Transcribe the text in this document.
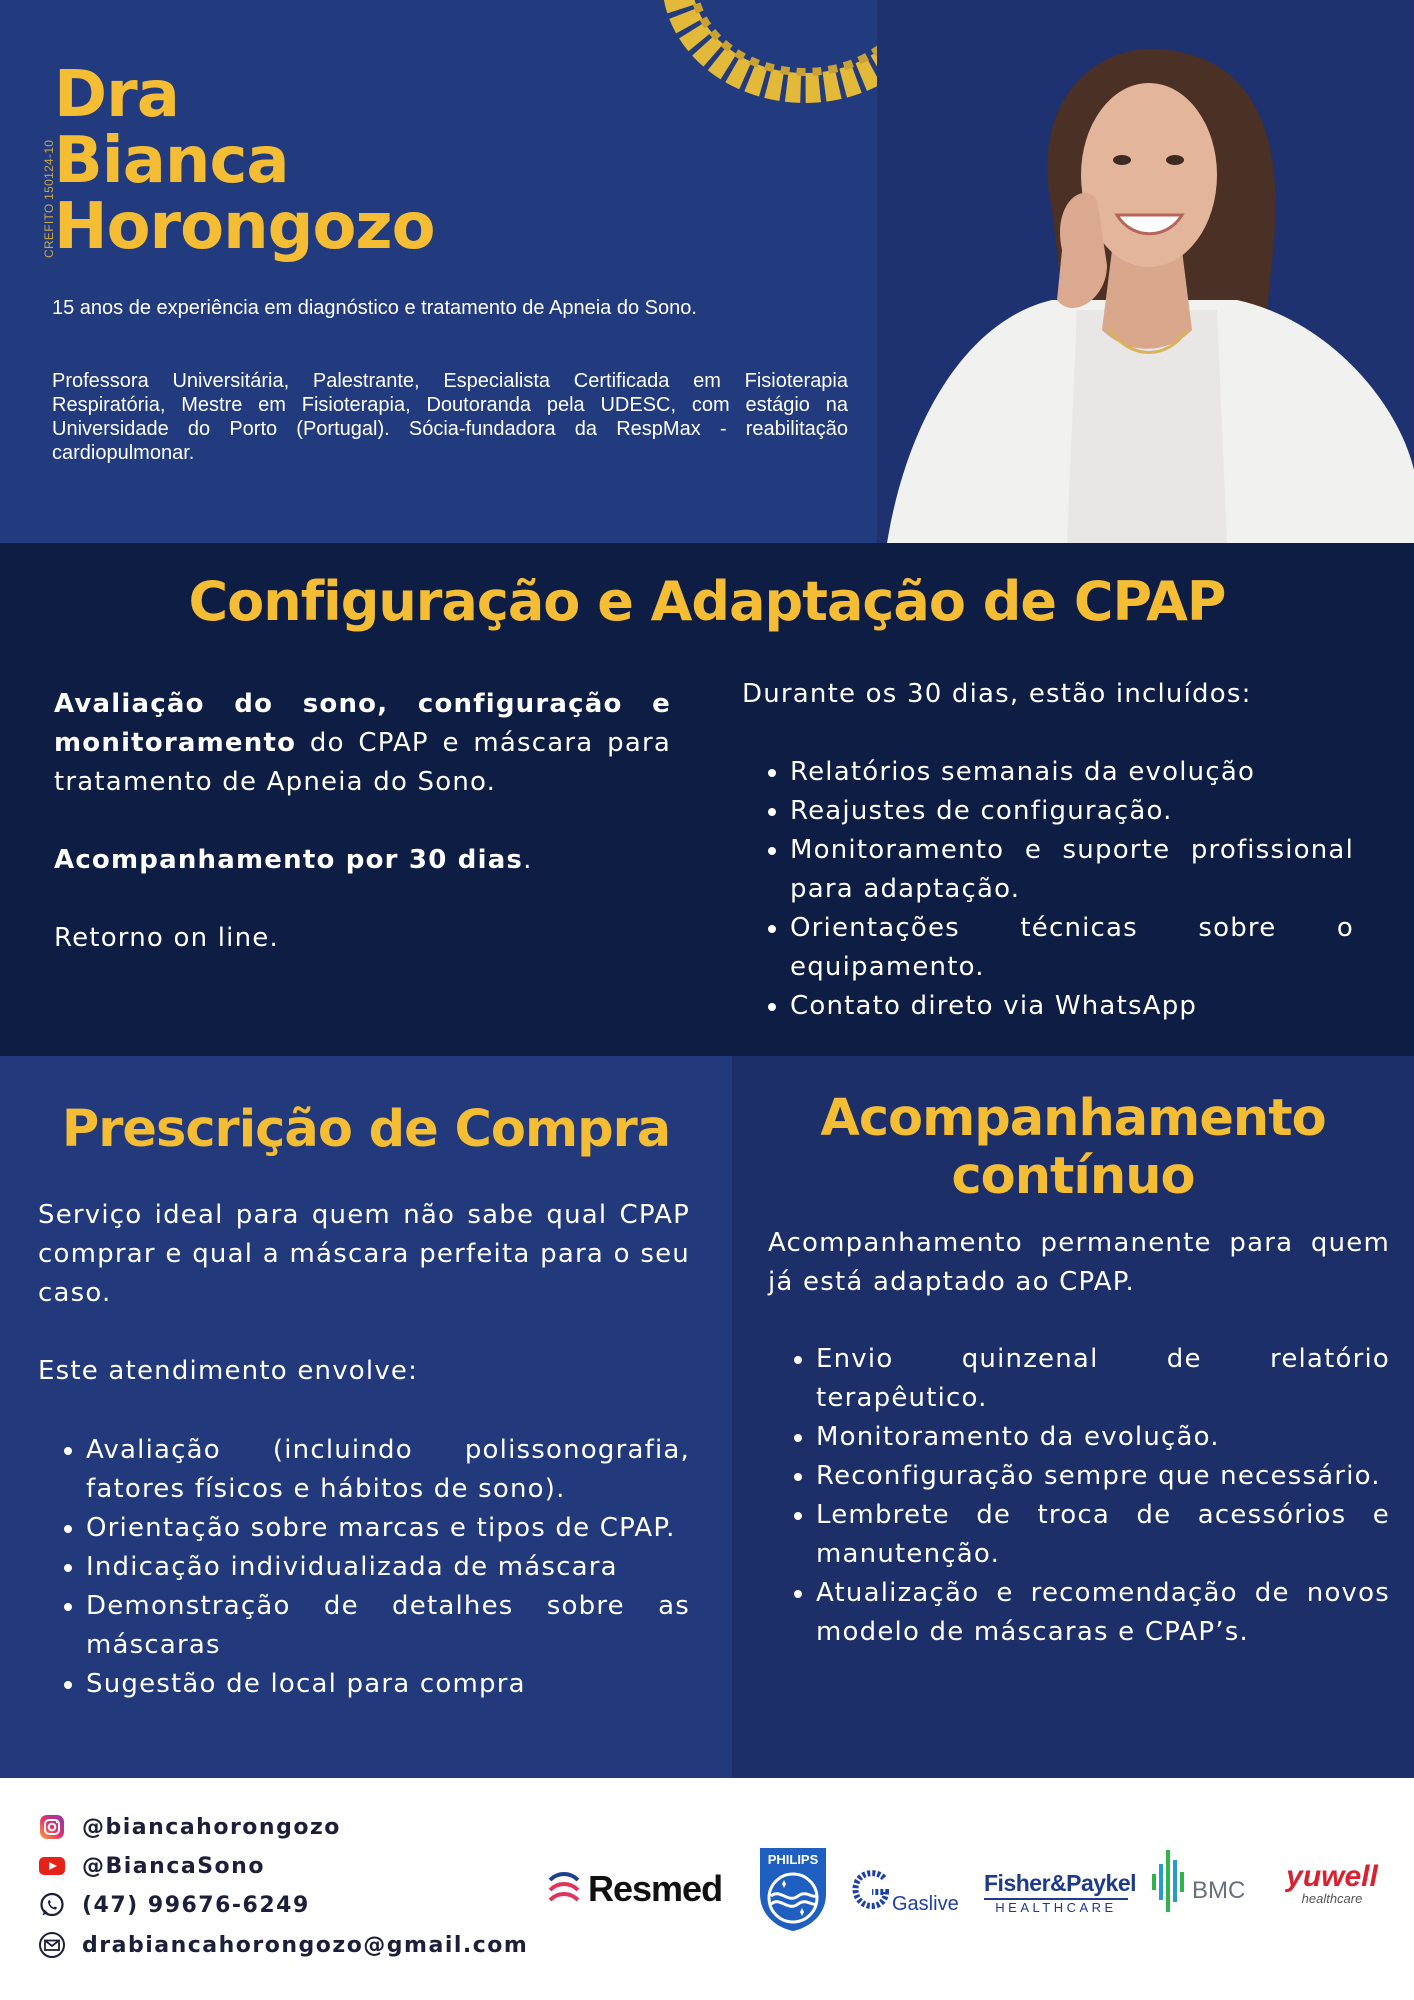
CREFITO 150124-10
Dra
Bianca
Horongozo
15 anos de experiência em diagnóstico e tratamento de Apneia do Sono.
Professora Universitária, Palestrante, Especialista Certificada em Fisioterapia Respiratória, Mestre em Fisioterapia, Doutoranda pela UDESC, com estágio na Universidade do Porto (Portugal). Sócia-fundadora da RespMax - reabilitação cardiopulmonar.
Configuração e Adaptação de CPAP

Avaliação do sono, configuração e monitoramento do CPAP e máscara para tratamento de Apneia do Sono.

Acompanhamento por 30 dias.

Retorno on line.

Durante os 30 dias, estão incluídos:
• Relatórios semanais da evolução
• Reajustes de configuração.
• Monitoramento e suporte profissional para adaptação.
• Orientações técnicas sobre o equipamento.
• Contato direto via WhatsApp
Prescrição de Compra

Serviço ideal para quem não sabe qual CPAP comprar e qual a máscara perfeita para o seu caso.

Este atendimento envolve:

• Avaliação (incluindo polissonografia, fatores físicos e hábitos de sono).
• Orientação sobre marcas e tipos de CPAP.
• Indicação individualizada de máscara
• Demonstração de detalhes sobre as máscaras
• Sugestão de local para compra
Acompanhamento
contínuo
Acompanhamento permanente para quem já está adaptado ao CPAP.
• Envio quinzenal de relatório terapêutico.
• Monitoramento da evolução.
• Reconfiguração sempre que necessário.
• Lembrete de troca de acessórios e manutenção.
• Atualização e recomendação de novos modelo de máscaras e CPAP’s.
@biancahorongozo
@BiancaSono
(47) 99676-6249
drabiancahorongozo@gmail.com
Resmed
PHILIPS
Gaslive
Fisher&Paykel
HEALTHCARE
BMC yuwell
healthcare
